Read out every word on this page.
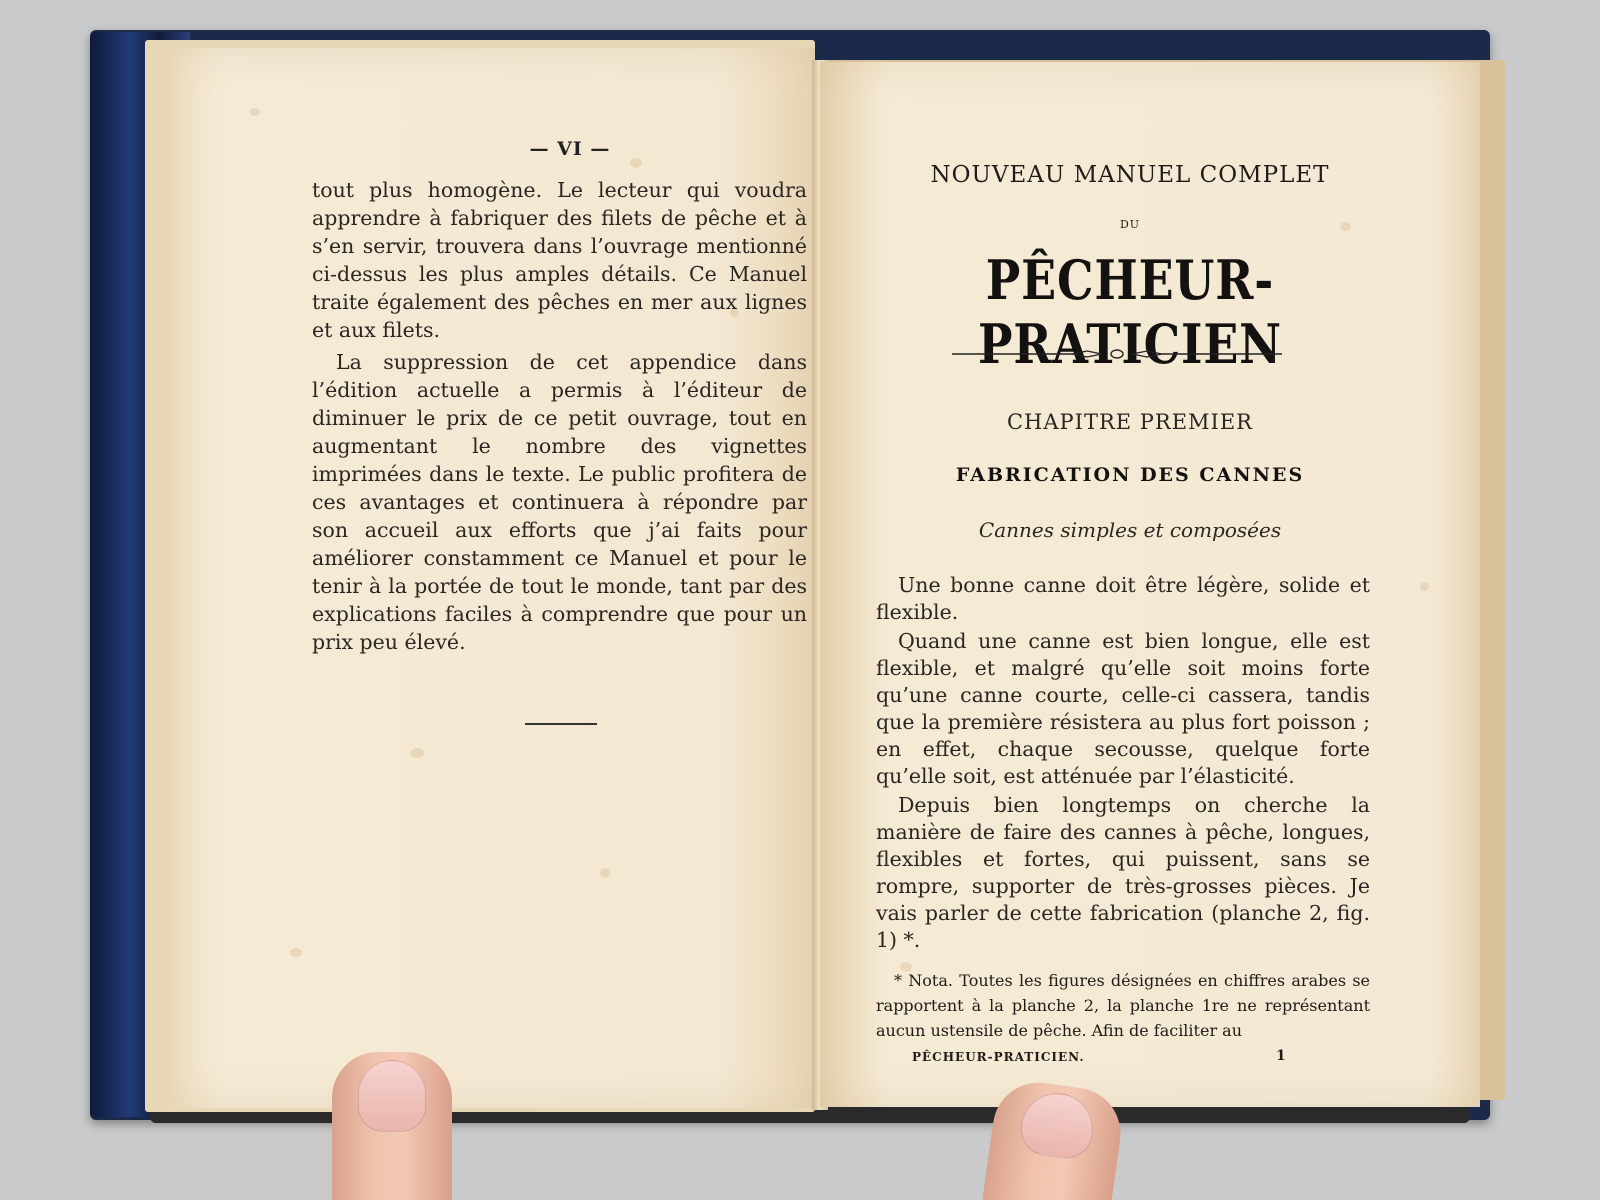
— VI —

tout plus homogène. Le lecteur qui voudra apprendre à fabriquer des filets de pêche et à s’en servir, trouvera dans l’ouvrage mentionné ci-dessus les plus amples détails. Ce Manuel traite également des pêches en mer aux lignes et aux filets.

La suppression de cet appendice dans l’édition actuelle a permis à l’éditeur de diminuer le prix de ce petit ouvrage, tout en augmentant le nombre des vignettes imprimées dans le texte. Le public profitera de ces avantages et continuera à répondre par son accueil aux efforts que j’ai faits pour améliorer constamment ce Manuel et pour le tenir à la portée de tout le monde, tant par des explications faciles à comprendre que pour un prix peu élevé.

NOUVEAU MANUEL COMPLET
DU
PÊCHEUR-PRATICIEN
CHAPITRE PREMIER
FABRICATION DES CANNES
Cannes simples et composées

Une bonne canne doit être légère, solide et flexible.

Quand une canne est bien longue, elle est flexible, et malgré qu’elle soit moins forte qu’une canne courte, celle-ci cassera, tandis que la première résistera au plus fort poisson ; en effet, chaque secousse, quelque forte qu’elle soit, est atténuée par l’élasticité.

Depuis bien longtemps on cherche la manière de faire des cannes à pêche, longues, flexibles et fortes, qui puissent, sans se rompre, supporter de très-grosses pièces. Je vais parler de cette fabrication (planche 2, fig. 1) *.

* Nota. Toutes les figures désignées en chiffres arabes se rapportent à la planche 2, la planche 1re ne représentant aucun ustensile de pêche. Afin de faciliter au
PÊCHEUR-PRATICIEN.	1
